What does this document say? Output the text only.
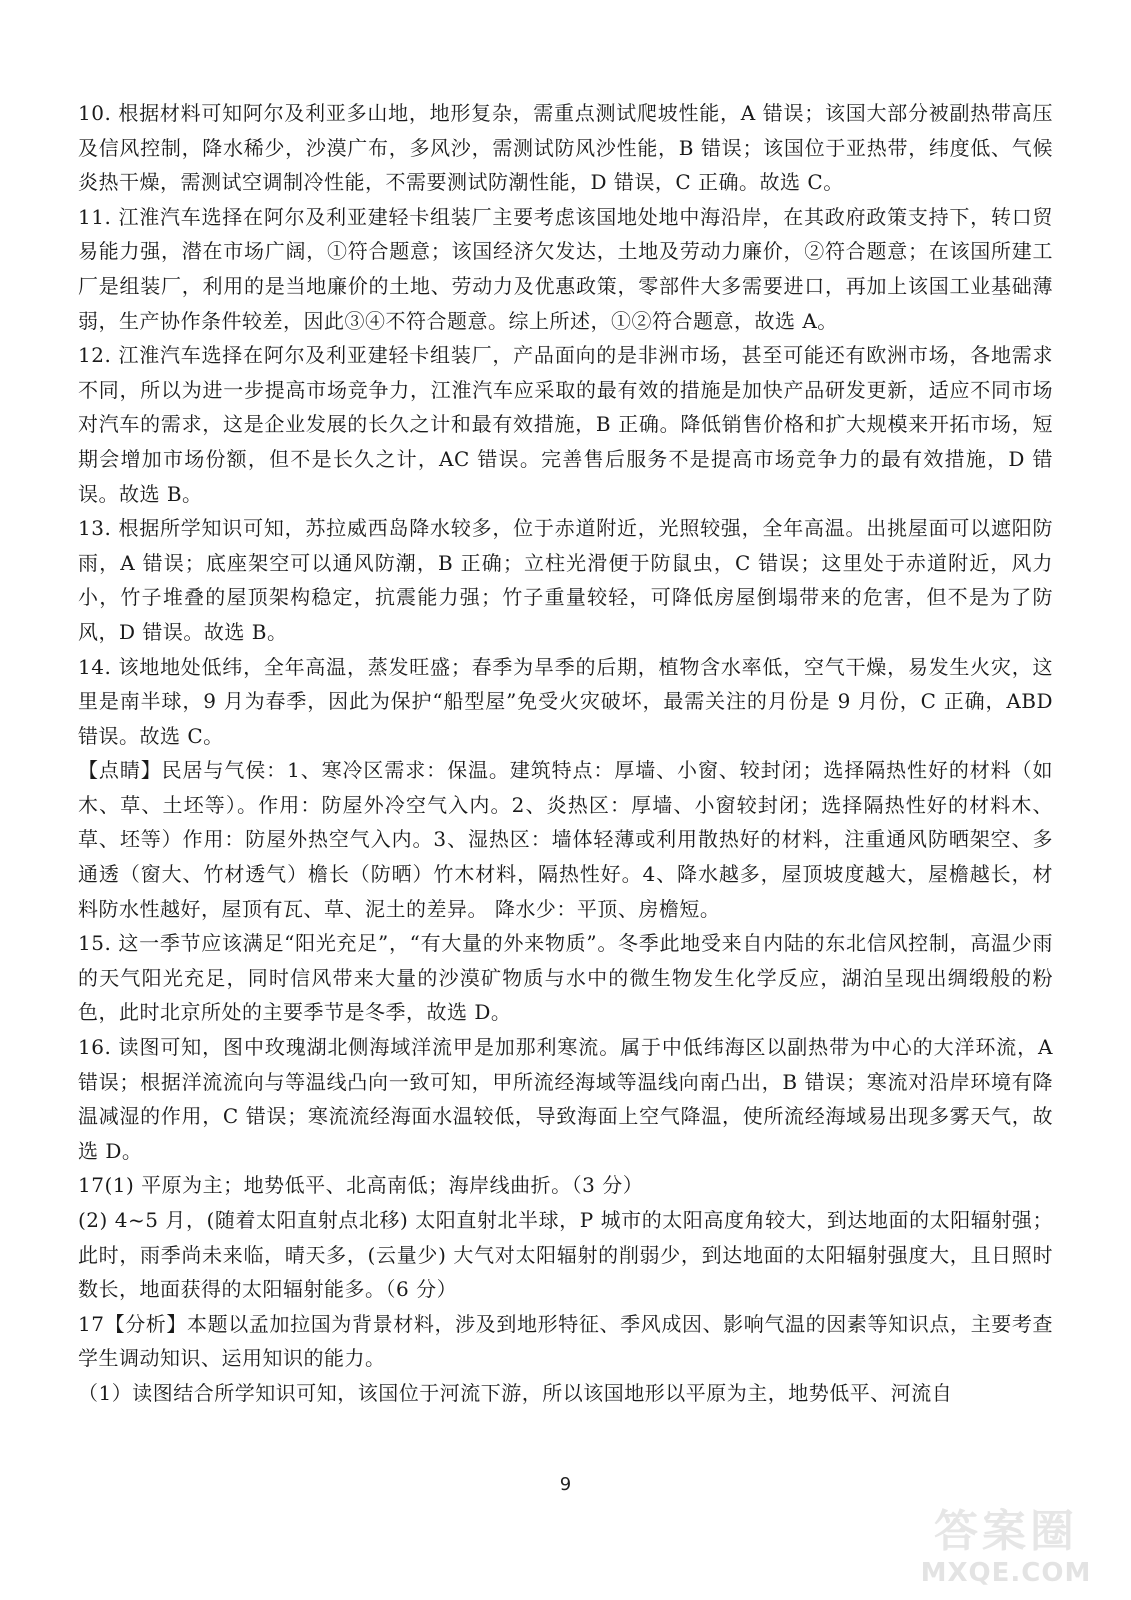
10. 根据材料可知阿尔及利亚多山地，地形复杂，需重点测试爬坡性能，A 错误；该国大部分被副热带高压及信风控制，降水稀少，沙漠广布，多风沙，需测试防风沙性能，B 错误；该国位于亚热带，纬度低、气候炎热干燥，需测试空调制冷性能，不需要测试防潮性能，D 错误，C 正确。故选 C。

11. 江淮汽车选择在阿尔及利亚建轻卡组装厂主要考虑该国地处地中海沿岸，在其政府政策支持下，转口贸易能力强，潜在市场广阔，①符合题意；该国经济欠发达，土地及劳动力廉价，②符合题意；在该国所建工厂是组装厂，利用的是当地廉价的土地、劳动力及优惠政策，零部件大多需要进口，再加上该国工业基础薄弱，生产协作条件较差，因此③④不符合题意。综上所述，①②符合题意，故选 A。

12. 江淮汽车选择在阿尔及利亚建轻卡组装厂，产品面向的是非洲市场，甚至可能还有欧洲市场，各地需求不同，所以为进一步提高市场竞争力，江淮汽车应采取的最有效的措施是加快产品研发更新，适应不同市场对汽车的需求，这是企业发展的长久之计和最有效措施，B 正确。降低销售价格和扩大规模来开拓市场，短期会增加市场份额，但不是长久之计，AC 错误。完善售后服务不是提高市场竞争力的最有效措施，D 错误。故选 B。

13. 根据所学知识可知，苏拉威西岛降水较多，位于赤道附近，光照较强，全年高温。出挑屋面可以遮阳防雨，A 错误；底座架空可以通风防潮，B 正确；立柱光滑便于防鼠虫，C 错误；这里处于赤道附近，风力小，竹子堆叠的屋顶架构稳定，抗震能力强；竹子重量较轻，可降低房屋倒塌带来的危害，但不是为了防风，D 错误。故选 B。

14. 该地地处低纬，全年高温，蒸发旺盛；春季为旱季的后期，植物含水率低，空气干燥，易发生火灾，这里是南半球，9 月为春季，因此为保护“船型屋”免受火灾破坏，最需关注的月份是 9 月份，C 正确，ABD 错误。故选 C。

【点睛】民居与气侯：1、寒冷区需求：保温。建筑特点：厚墙、小窗、较封闭；选择隔热性好的材料（如木、草、土坯等）。作用：防屋外冷空气入内。2、炎热区：厚墙、小窗较封闭；选择隔热性好的材料木、草、坯等）作用：防屋外热空气入内。3、湿热区：墙体轻薄或利用散热好的材料，注重通风防晒架空、多通透（窗大、竹材透气）檐长（防晒）竹木材料，隔热性好。4、降水越多，屋顶坡度越大，屋檐越长，材料防水性越好，屋顶有瓦、草、泥土的差异。 降水少：平顶、房檐短。

15. 这一季节应该满足“阳光充足”，“有大量的外来物质”。冬季此地受来自内陆的东北信风控制，高温少雨的天气阳光充足，同时信风带来大量的沙漠矿物质与水中的微生物发生化学反应，湖泊呈现出绸缎般的粉色，此时北京所处的主要季节是冬季，故选 D。

16. 读图可知，图中玫瑰湖北侧海域洋流甲是加那利寒流。属于中低纬海区以副热带为中心的大洋环流，A 错误；根据洋流流向与等温线凸向一致可知，甲所流经海域等温线向南凸出，B 错误；寒流对沿岸环境有降温减湿的作用，C 错误；寒流流经海面水温较低，导致海面上空气降温，使所流经海域易出现多雾天气，故选 D。

17(1) 平原为主；地势低平、北高南低；海岸线曲折。（3 分）

(2) 4~5 月，(随着太阳直射点北移) 太阳直射北半球，P 城市的太阳高度角较大，到达地面的太阳辐射强；此时，雨季尚未来临，晴天多，(云量少) 大气对太阳辐射的削弱少，到达地面的太阳辐射强度大，且日照时数长，地面获得的太阳辐射能多。（6 分）

17【分析】本题以孟加拉国为背景材料，涉及到地形特征、季风成因、影响气温的因素等知识点，主要考查学生调动知识、运用知识的能力。

（1）读图结合所学知识可知，该国位于河流下游，所以该国地形以平原为主，地势低平、河流自

9
答案圈
MXQE.COM
